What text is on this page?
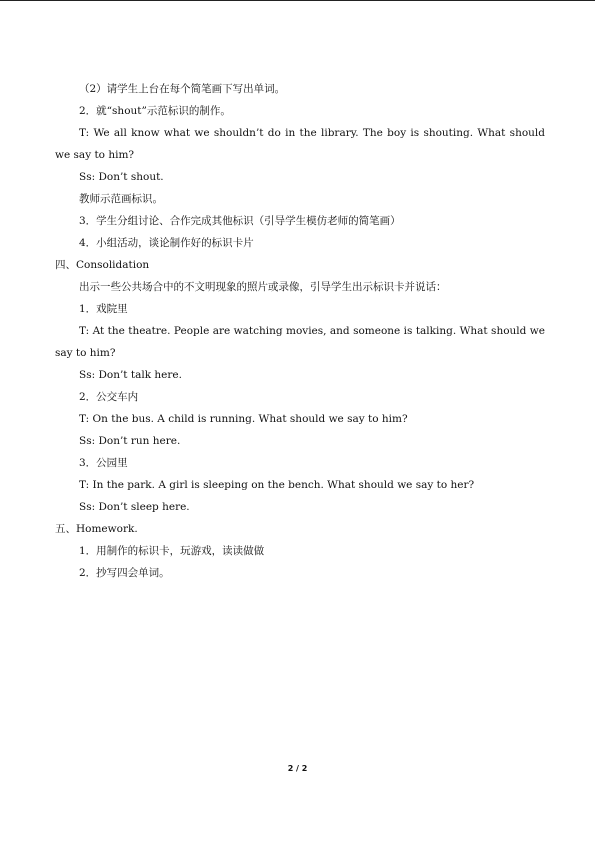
（2）请学生上台在每个简笔画下写出单词。

2．就“shout”示范标识的制作。

T: We all know what we shouldn’t do in the library. The boy is shouting. What should we say to him?

Ss: Don’t shout.

教师示范画标识。

3．学生分组讨论、合作完成其他标识（引导学生模仿老师的简笔画）

4．小组活动，谈论制作好的标识卡片

四、Consolidation

出示一些公共场合中的不文明现象的照片或录像，引导学生出示标识卡并说话：

1．戏院里

T: At the theatre. People are watching movies, and someone is talking. What should we say to him?

Ss: Don’t talk here.

2．公交车内

T: On the bus. A child is running. What should we say to him?

Ss: Don’t run here.

3．公园里

T: In the park. A girl is sleeping on the bench. What should we say to her?

Ss: Don’t sleep here.

五、Homework.

1．用制作的标识卡，玩游戏，读读做做

2．抄写四会单词。

2 / 2
